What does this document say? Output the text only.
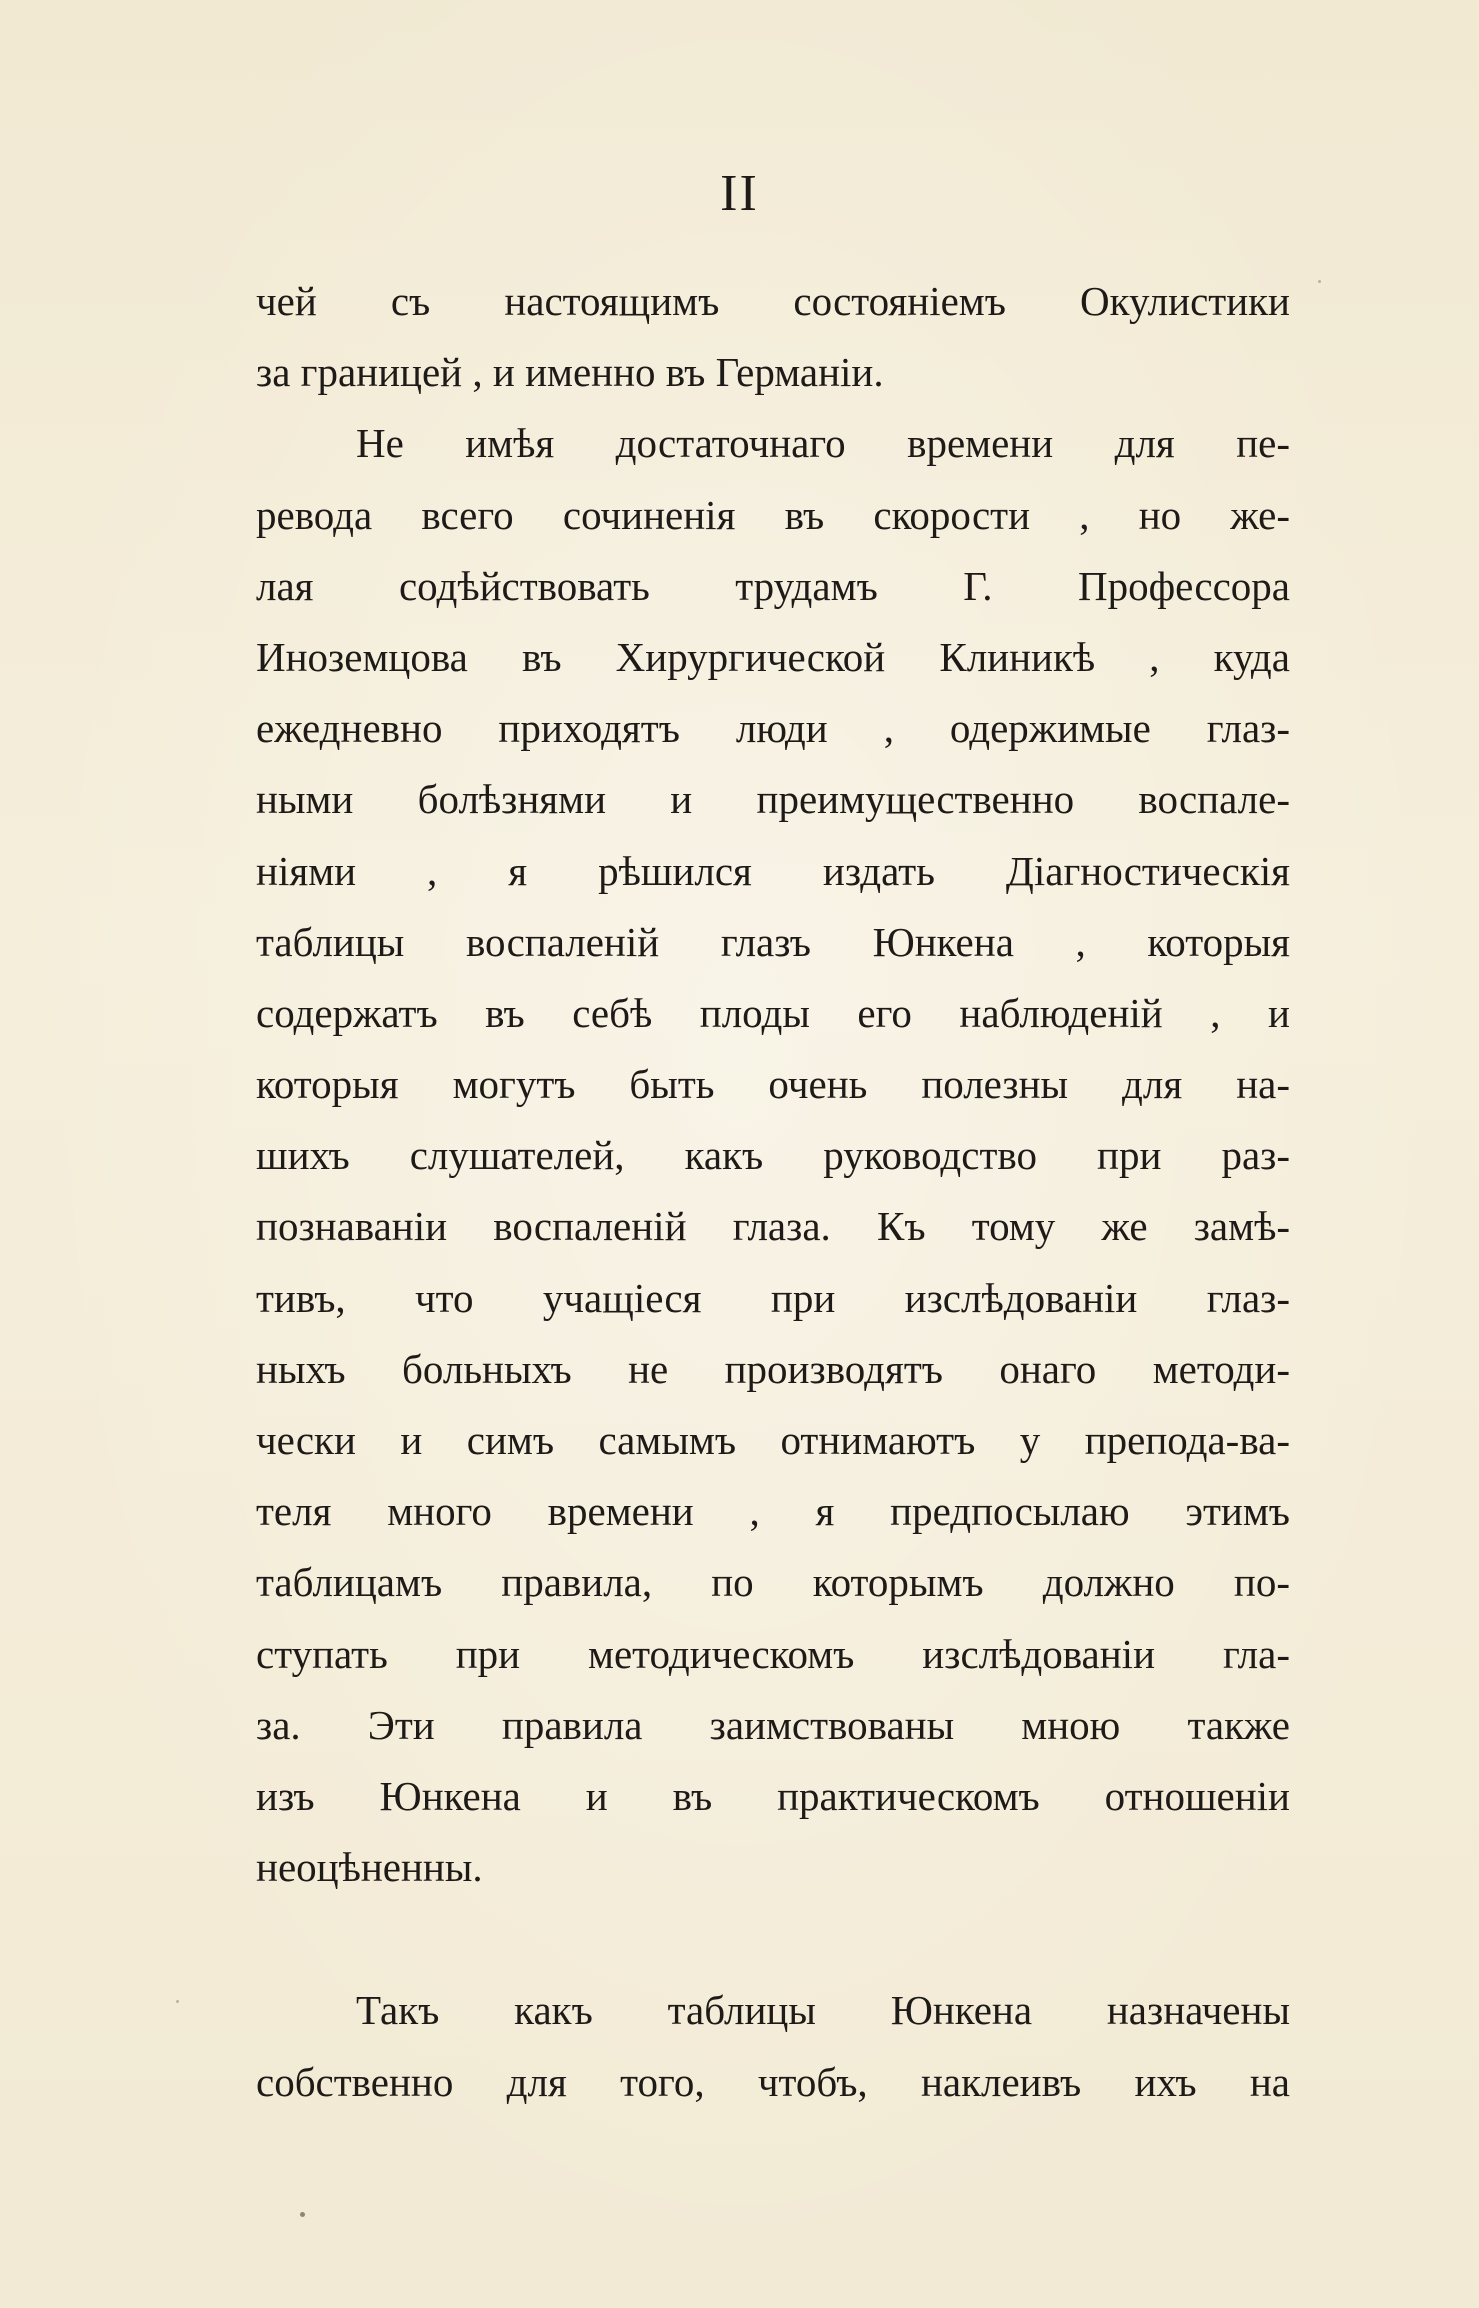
II
чей съ настоящимъ состоянiемъ Окулистики
за границей , и именно въ Германiи.
Не имѣя достаточнаго времени для пе-
ревода всего сочиненiя въ скорости , но же-
лая содѣйствовать трудамъ Г. Профессора
Иноземцова въ Хирургической Клиникѣ , куда
ежедневно приходятъ люди , одержимые глаз-
ными болѣзнями и преимущественно воспале-
нiями , я рѣшился издать Дiагностическiя
таблицы воспаленiй глазъ Юнкена , которыя
содержатъ въ себѣ плоды его наблюденiй , и
которыя могутъ быть очень полезны для на-
шихъ слушателей, какъ руководство при раз-
познаванiи воспаленiй глаза. Къ тому же замѣ-
тивъ, что учащiеся при изслѣдованiи глаз-
ныхъ больныхъ не производятъ онаго методи-
чески и симъ самымъ отнимаютъ у препода-ва-
теля много времени , я предпосылаю этимъ
таблицамъ правила, по которымъ должно по-
ступать при методическомъ изслѣдованiи гла-
за. Эти правила заимствованы мною также
изъ Юнкена и въ практическомъ отношенiи
неоцѣненны.
Такъ какъ таблицы Юнкена назначены
собственно для того, чтобъ, наклеивъ ихъ на
